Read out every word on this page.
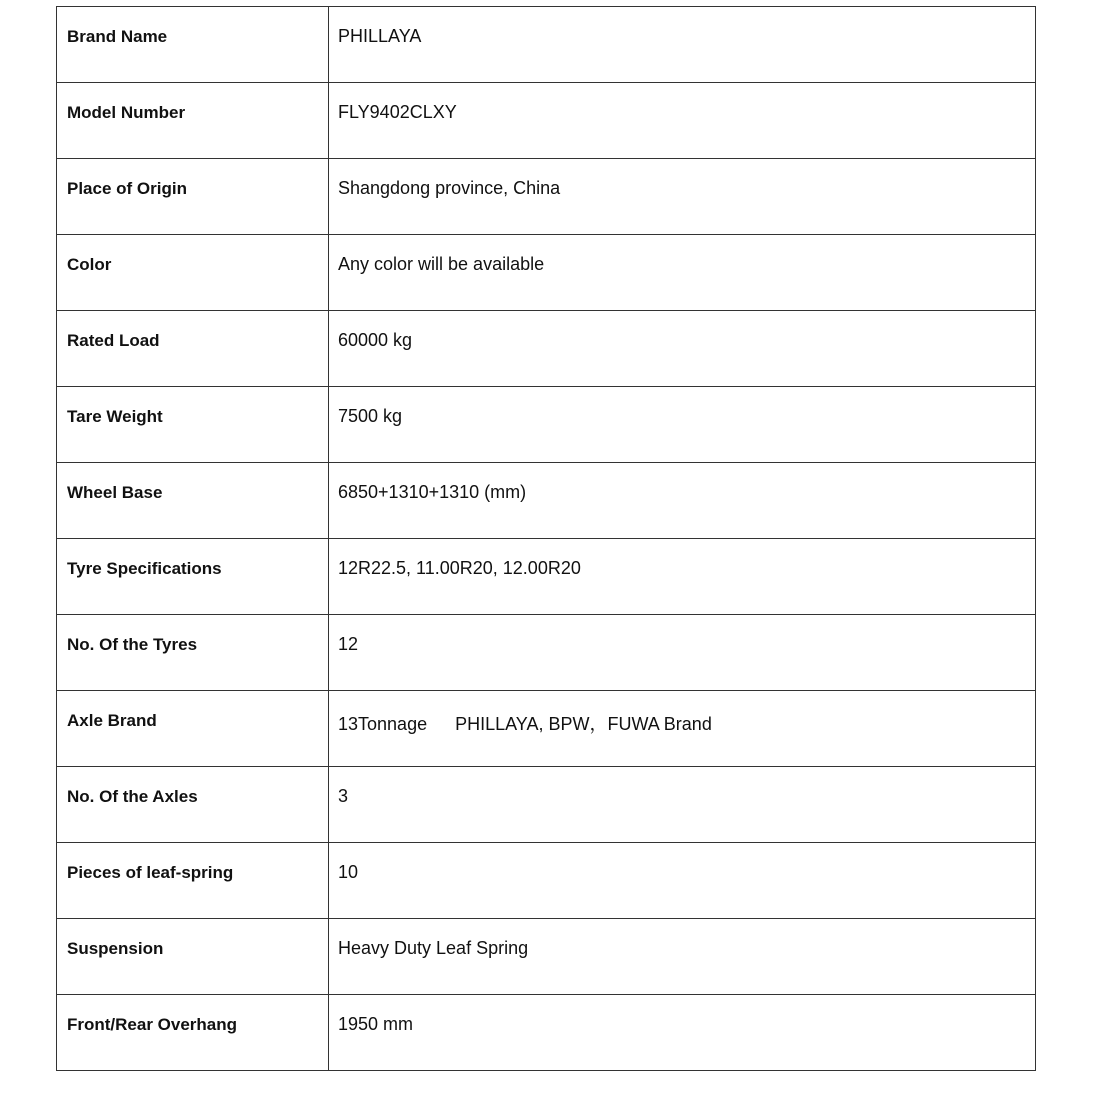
Brand Name	PHILLAYA
Model Number	FLY9402CLXY
Place of Origin	Shangdong province, China
Color	Any color will be available
Rated Load	60000 kg
Tare Weight	7500 kg
Wheel Base	6850+1310+1310 (mm)
Tyre Specifications	12R22.5, 11.00R20, 12.00R20
No. Of the Tyres	12
Axle Brand	13Tonnage PHILLAYA, BPW，FUWA Brand
No. Of the Axles	3
Pieces of leaf-spring	10
Suspension	Heavy Duty Leaf Spring
Front/Rear Overhang	1950 mm
